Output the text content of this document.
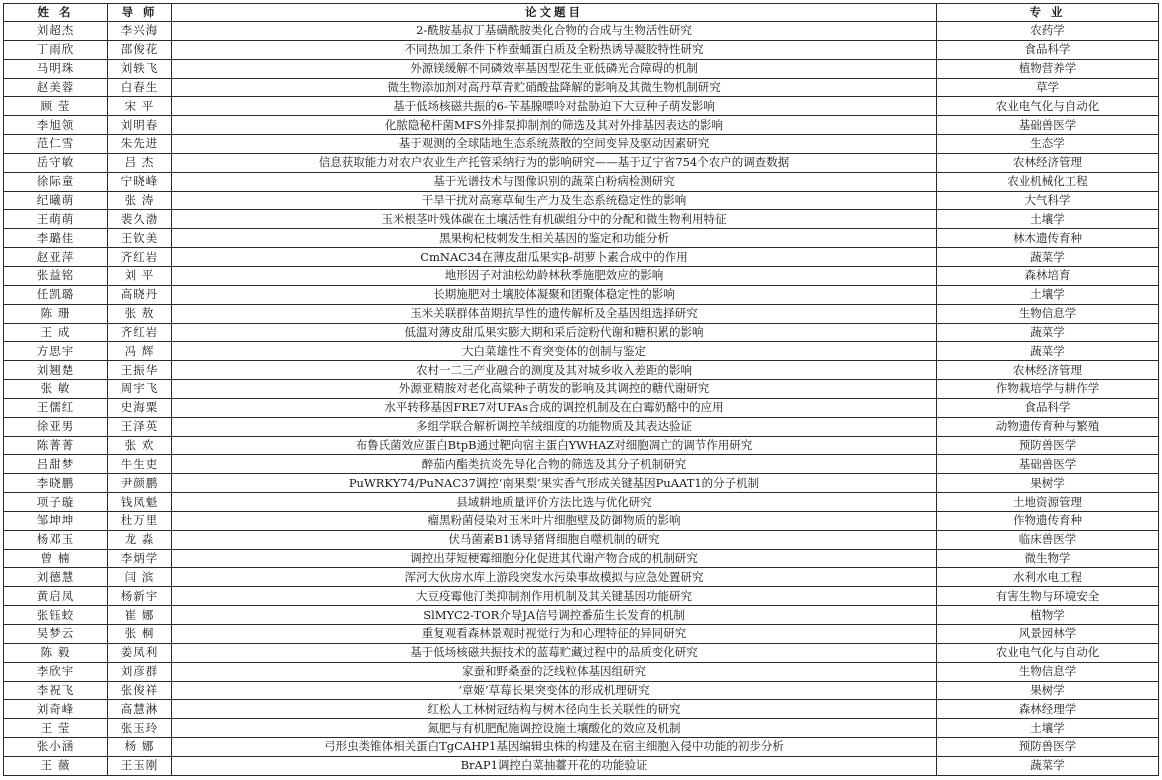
姓 名	导 师	论文题目	专 业
刘超杰	李兴海	2-酰胺基叔丁基磺酰胺类化合物的合成与生物活性研究	农药学
丁雨欣	邵俊花	不同热加工条件下柞蚕蛹蛋白质及全粉热诱导凝胶特性研究	食品科学
马明珠	刘轶飞	外源镁缓解不同磷效率基因型花生亚低磷光合障碍的机制	植物营养学
赵美蓉	白春生	微生物添加剂对高丹草青贮硝酸盐降解的影响及其微生物机制研究	草学
顾 莹	宋 平	基于低场核磁共振的6-苄基腺嘌呤对盐胁迫下大豆种子萌发影响	农业电气化与自动化
李旭领	刘明春	化脓隐秘杆菌MFS外排泵抑制剂的筛选及其对外排基因表达的影响	基础兽医学
范仁雪	朱先进	基于观测的全球陆地生态系统蒸散的空间变异及驱动因素研究	生态学
岳守敏	吕 杰	信息获取能力对农户农业生产托管采纳行为的影响研究——基于辽宁省754个农户的调查数据	农林经济管理
徐际童	宁晓峰	基于光谱技术与图像识别的蔬菜白粉病检测研究	农业机械化工程
纪曦萌	张 涛	干旱干扰对高寒草甸生产力及生态系统稳定性的影响	大气科学
王萌萌	裴久渤	玉米根茎叶残体碳在土壤活性有机碳组分中的分配和微生物利用特征	土壤学
李璐佳	王钦美	黑果枸杞枝刺发生相关基因的鉴定和功能分析	林木遗传育种
赵亚萍	齐红岩	CmNAC34在薄皮甜瓜果实β-胡萝卜素合成中的作用	蔬菜学
张益铭	刘 平	地形因子对油松幼龄林秋季施肥效应的影响	森林培育
任凯璐	高晓丹	长期施肥对土壤胶体凝聚和团聚体稳定性的影响	土壤学
陈 珊	张 敖	玉米关联群体苗期抗旱性的遗传解析及全基因组选择研究	生物信息学
王 成	齐红岩	低温对薄皮甜瓜果实膨大期和采后淀粉代谢和糖积累的影响	蔬菜学
方思宇	冯 辉	大白菜雄性不育突变体的创制与鉴定	蔬菜学
刘翘楚	王振华	农村一二三产业融合的测度及其对城乡收入差距的影响	农林经济管理
张 敏	周宇飞	外源亚精胺对老化高粱种子萌发的影响及其调控的糖代谢研究	作物栽培学与耕作学
王儒红	史海粟	水平转移基因FRE7对UFAs合成的调控机制及在白霉奶酪中的应用	食品科学
徐亚男	王泽英	多组学联合解析调控羊绒细度的功能物质及其表达验证	动物遗传育种与繁殖
陈菁菁	张 欢	布鲁氏菌效应蛋白BtpB通过靶向宿主蛋白YWHAZ对细胞凋亡的调节作用研究	预防兽医学
吕甜梦	牛生吏	醉茄内酯类抗炎先导化合物的筛选及其分子机制研究	基础兽医学
李晓鹏	尹颜鹏	PuWRKY74/PuNAC37调控‘南果梨’果实香气形成关键基因PuAAT1的分子机制	果树学
项子璇	钱凤魁	县域耕地质量评价方法比选与优化研究	土地资源管理
邹坤坤	杜万里	瘤黑粉菌侵染对玉米叶片细胞壁及防御物质的影响	作物遗传育种
杨邓玉	龙 淼	伏马菌素B1诱导猪肾细胞自噬机制的研究	临床兽医学
曾 楠	李炳学	调控出芽短梗霉细胞分化促进其代谢产物合成的机制研究	微生物学
刘德慧	闫 滨	浑河大伙房水库上游段突发水污染事故模拟与应急处置研究	水利水电工程
黄启凤	杨新宇	大豆疫霉他汀类抑制剂作用机制及其关键基因功能研究	有害生物与环境安全
张钰蛟	崔 娜	SlMYC2-TOR介导JA信号调控番茄生长发育的机制	植物学
吴梦云	张 桐	重复观看森林景观时视觉行为和心理特征的异同研究	风景园林学
陈 毅	姜凤利	基于低场核磁共振技术的蓝莓贮藏过程中的品质变化研究	农业电气化与自动化
李欣宇	刘彦群	家蚕和野桑蚕的泛线粒体基因组研究	生物信息学
李祝飞	张俊祥	‘章姬’草莓长果突变体的形成机理研究	果树学
刘奇峰	高慧淋	红松人工林树冠结构与树木径向生长关联性的研究	森林经理学
王 莹	张玉玲	氮肥与有机肥配施调控设施土壤酸化的效应及机制	土壤学
张小涵	杨 娜	弓形虫类锥体相关蛋白TgCAHP1基因编辑虫株的构建及在宿主细胞入侵中功能的初步分析	预防兽医学
王 薇	王玉刚	BrAP1调控白菜抽薹开花的功能验证	蔬菜学
